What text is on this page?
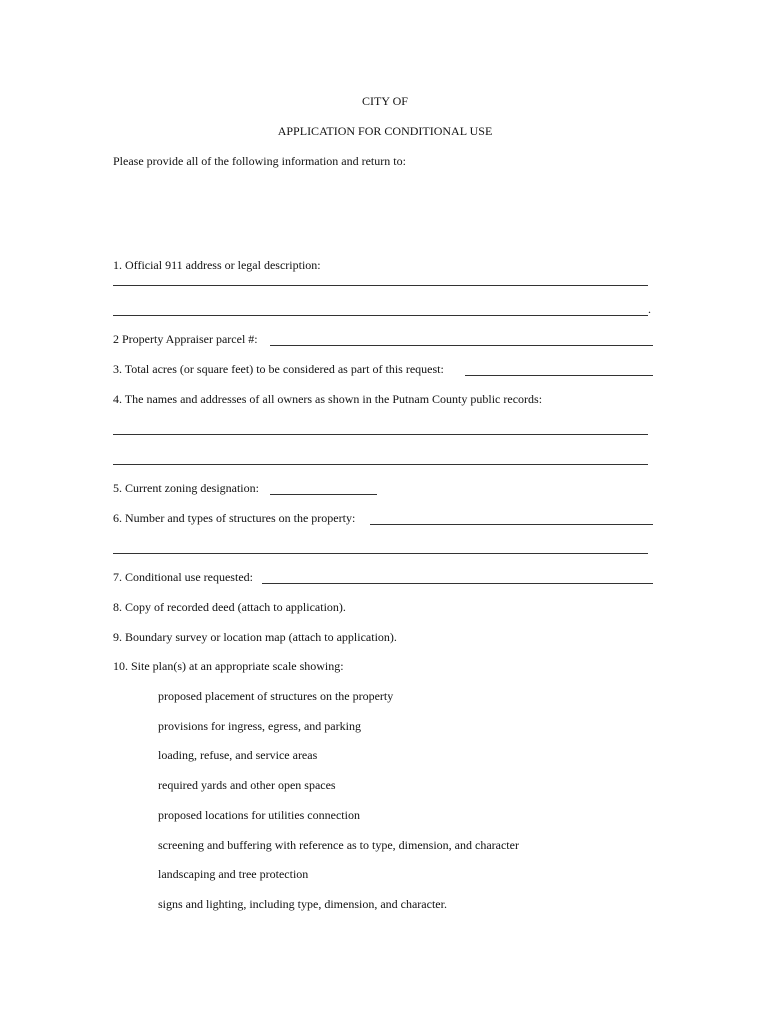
CITY OF
APPLICATION FOR CONDITIONAL USE
Please provide all of the following information and return to:
1. Official 911 address or legal description:
.
2 Property Appraiser parcel #:
3. Total acres (or square feet) to be considered as part of this request:
4. The names and addresses of all owners as shown in the Putnam County public records:
5. Current zoning designation:
6. Number and types of structures on the property:
7. Conditional use requested:
8. Copy of recorded deed (attach to application).
9. Boundary survey or location map (attach to application).
10. Site plan(s) at an appropriate scale showing:
proposed placement of structures on the property
provisions for ingress, egress, and parking
loading, refuse, and service areas
required yards and other open spaces
proposed locations for utilities connection
screening and buffering with reference as to type, dimension, and character
landscaping and tree protection
signs and lighting, including type, dimension, and character.
